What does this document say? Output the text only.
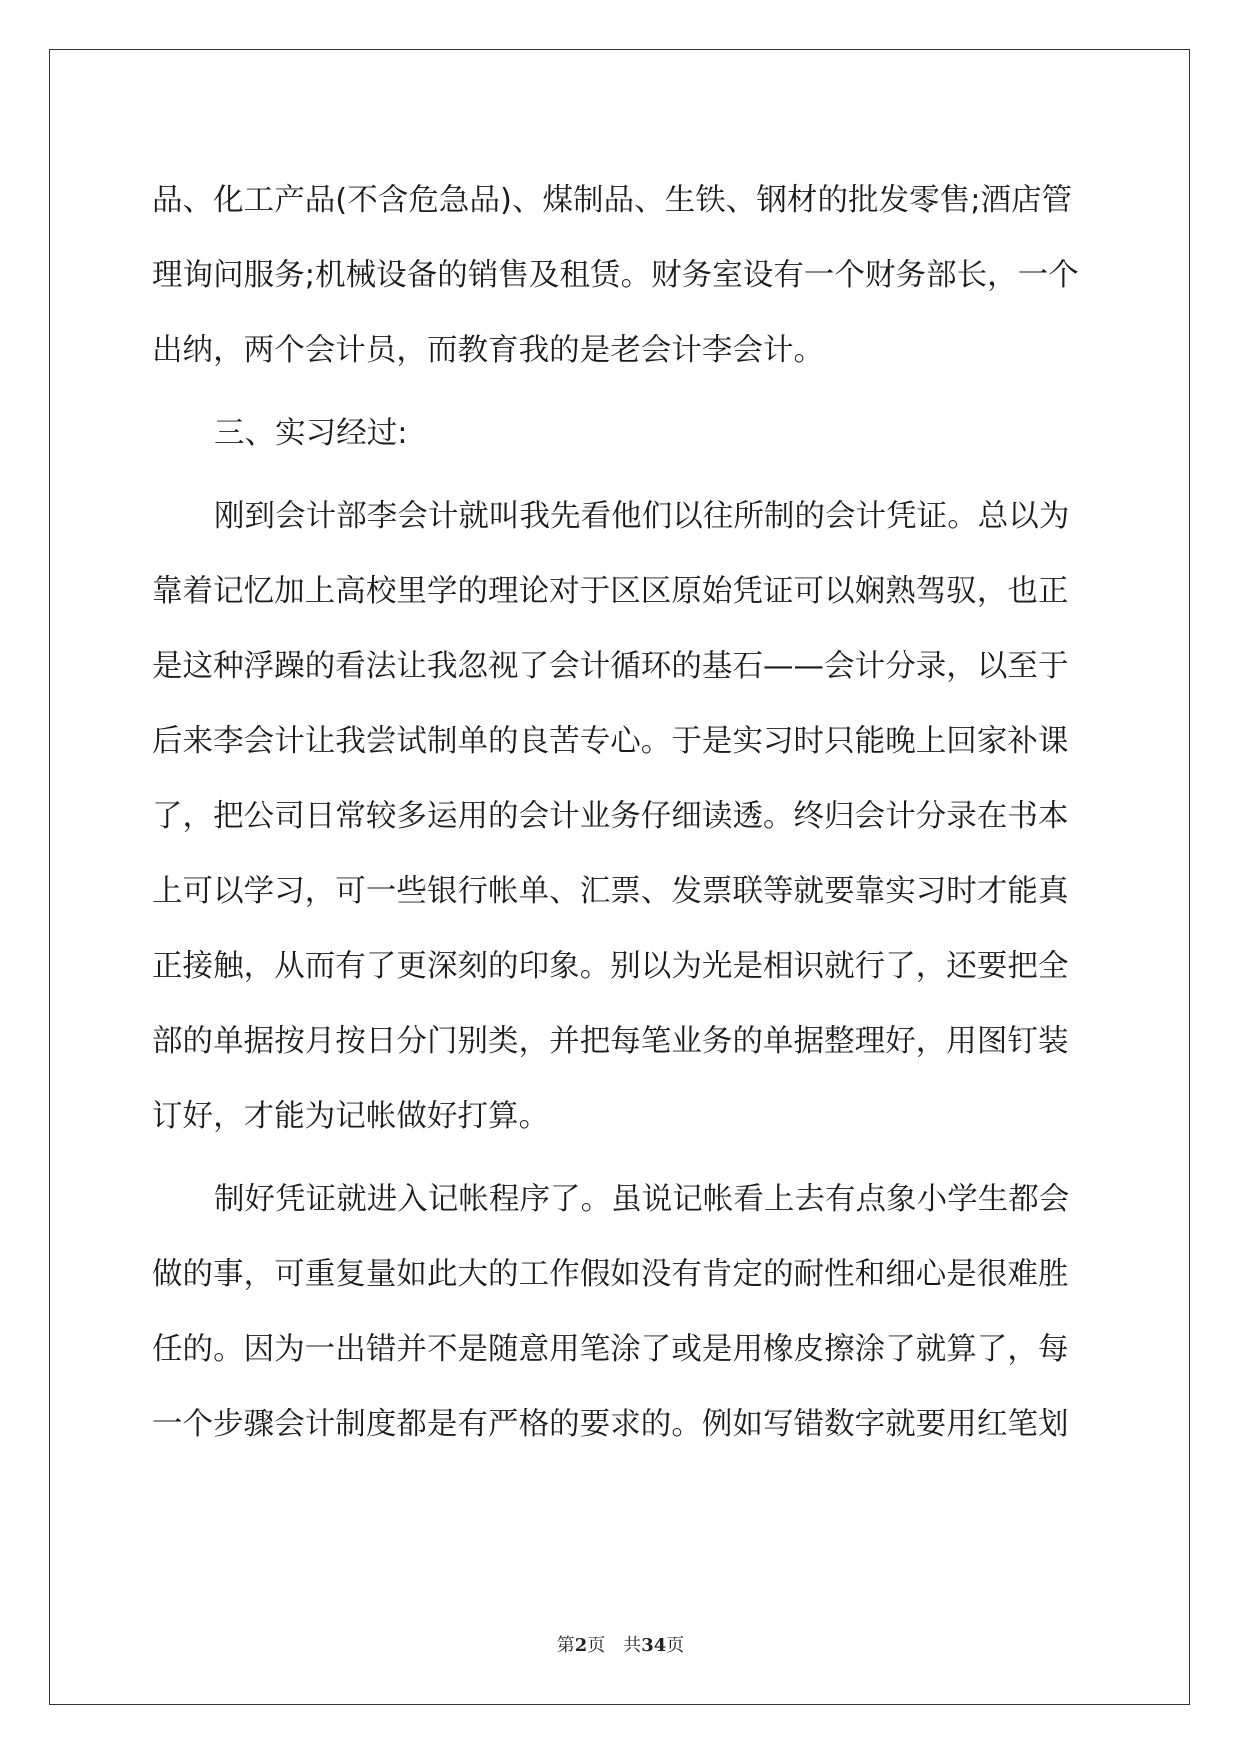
品、化工产品(不含危急品)、煤制品、生铁、钢材的批发零售;酒店管
理询问服务;机械设备的销售及租赁。财务室设有一个财务部长，一个
出纳，两个会计员，而教育我的是老会计李会计。
三、实习经过:
刚到会计部李会计就叫我先看他们以往所制的会计凭证。总以为
靠着记忆加上高校里学的理论对于区区原始凭证可以娴熟驾驭，也正
是这种浮躁的看法让我忽视了会计循环的基石——会计分录，以至于
后来李会计让我尝试制单的良苦专心。于是实习时只能晚上回家补课
了，把公司日常较多运用的会计业务仔细读透。终归会计分录在书本
上可以学习，可一些银行帐单、汇票、发票联等就要靠实习时才能真
正接触，从而有了更深刻的印象。别以为光是相识就行了，还要把全
部的单据按月按日分门别类，并把每笔业务的单据整理好，用图钉装
订好，才能为记帐做好打算。
制好凭证就进入记帐程序了。虽说记帐看上去有点象小学生都会
做的事，可重复量如此大的工作假如没有肯定的耐性和细心是很难胜
任的。因为一出错并不是随意用笔涂了或是用橡皮擦涂了就算了，每
一个步骤会计制度都是有严格的要求的。例如写错数字就要用红笔划
第2页 共34页
